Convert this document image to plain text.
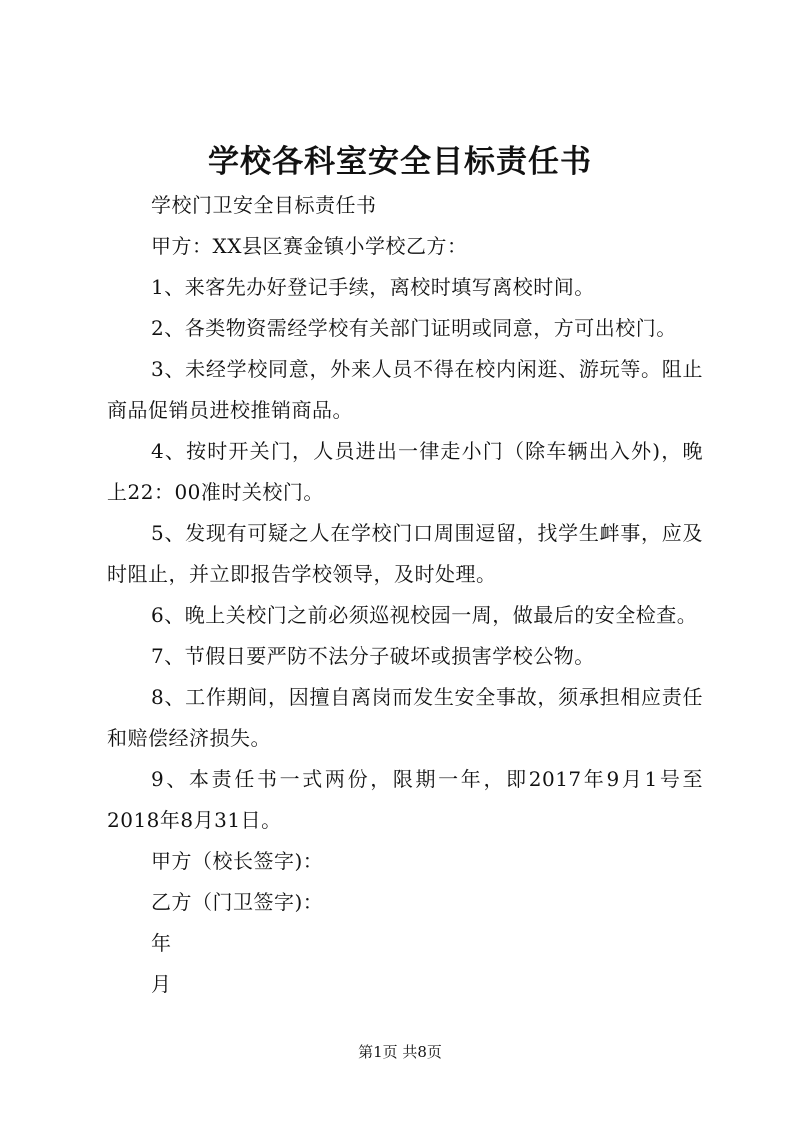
学校各科室安全目标责任书

学校门卫安全目标责任书

甲方：XX县区赛金镇小学校乙方：

1、来客先办好登记手续，离校时填写离校时间。

2、各类物资需经学校有关部门证明或同意，方可出校门。

3、未经学校同意，外来人员不得在校内闲逛、游玩等。阻止商品促销员进校推销商品。

4、按时开关门，人员进出一律走小门（除车辆出入外)，晚上22：00准时关校门。

5、发现有可疑之人在学校门口周围逗留，找学生衅事，应及时阻止，并立即报告学校领导，及时处理。

6、晚上关校门之前必须巡视校园一周，做最后的安全检查。

7、节假日要严防不法分子破坏或损害学校公物。

8、工作期间，因擅自离岗而发生安全事故，须承担相应责任和赔偿经济损失。

9、本责任书一式两份，限期一年，即2017年9月1号至2018年8月31日。

甲方（校长签字)：

乙方（门卫签字)：

年

月

第1页 共8页
